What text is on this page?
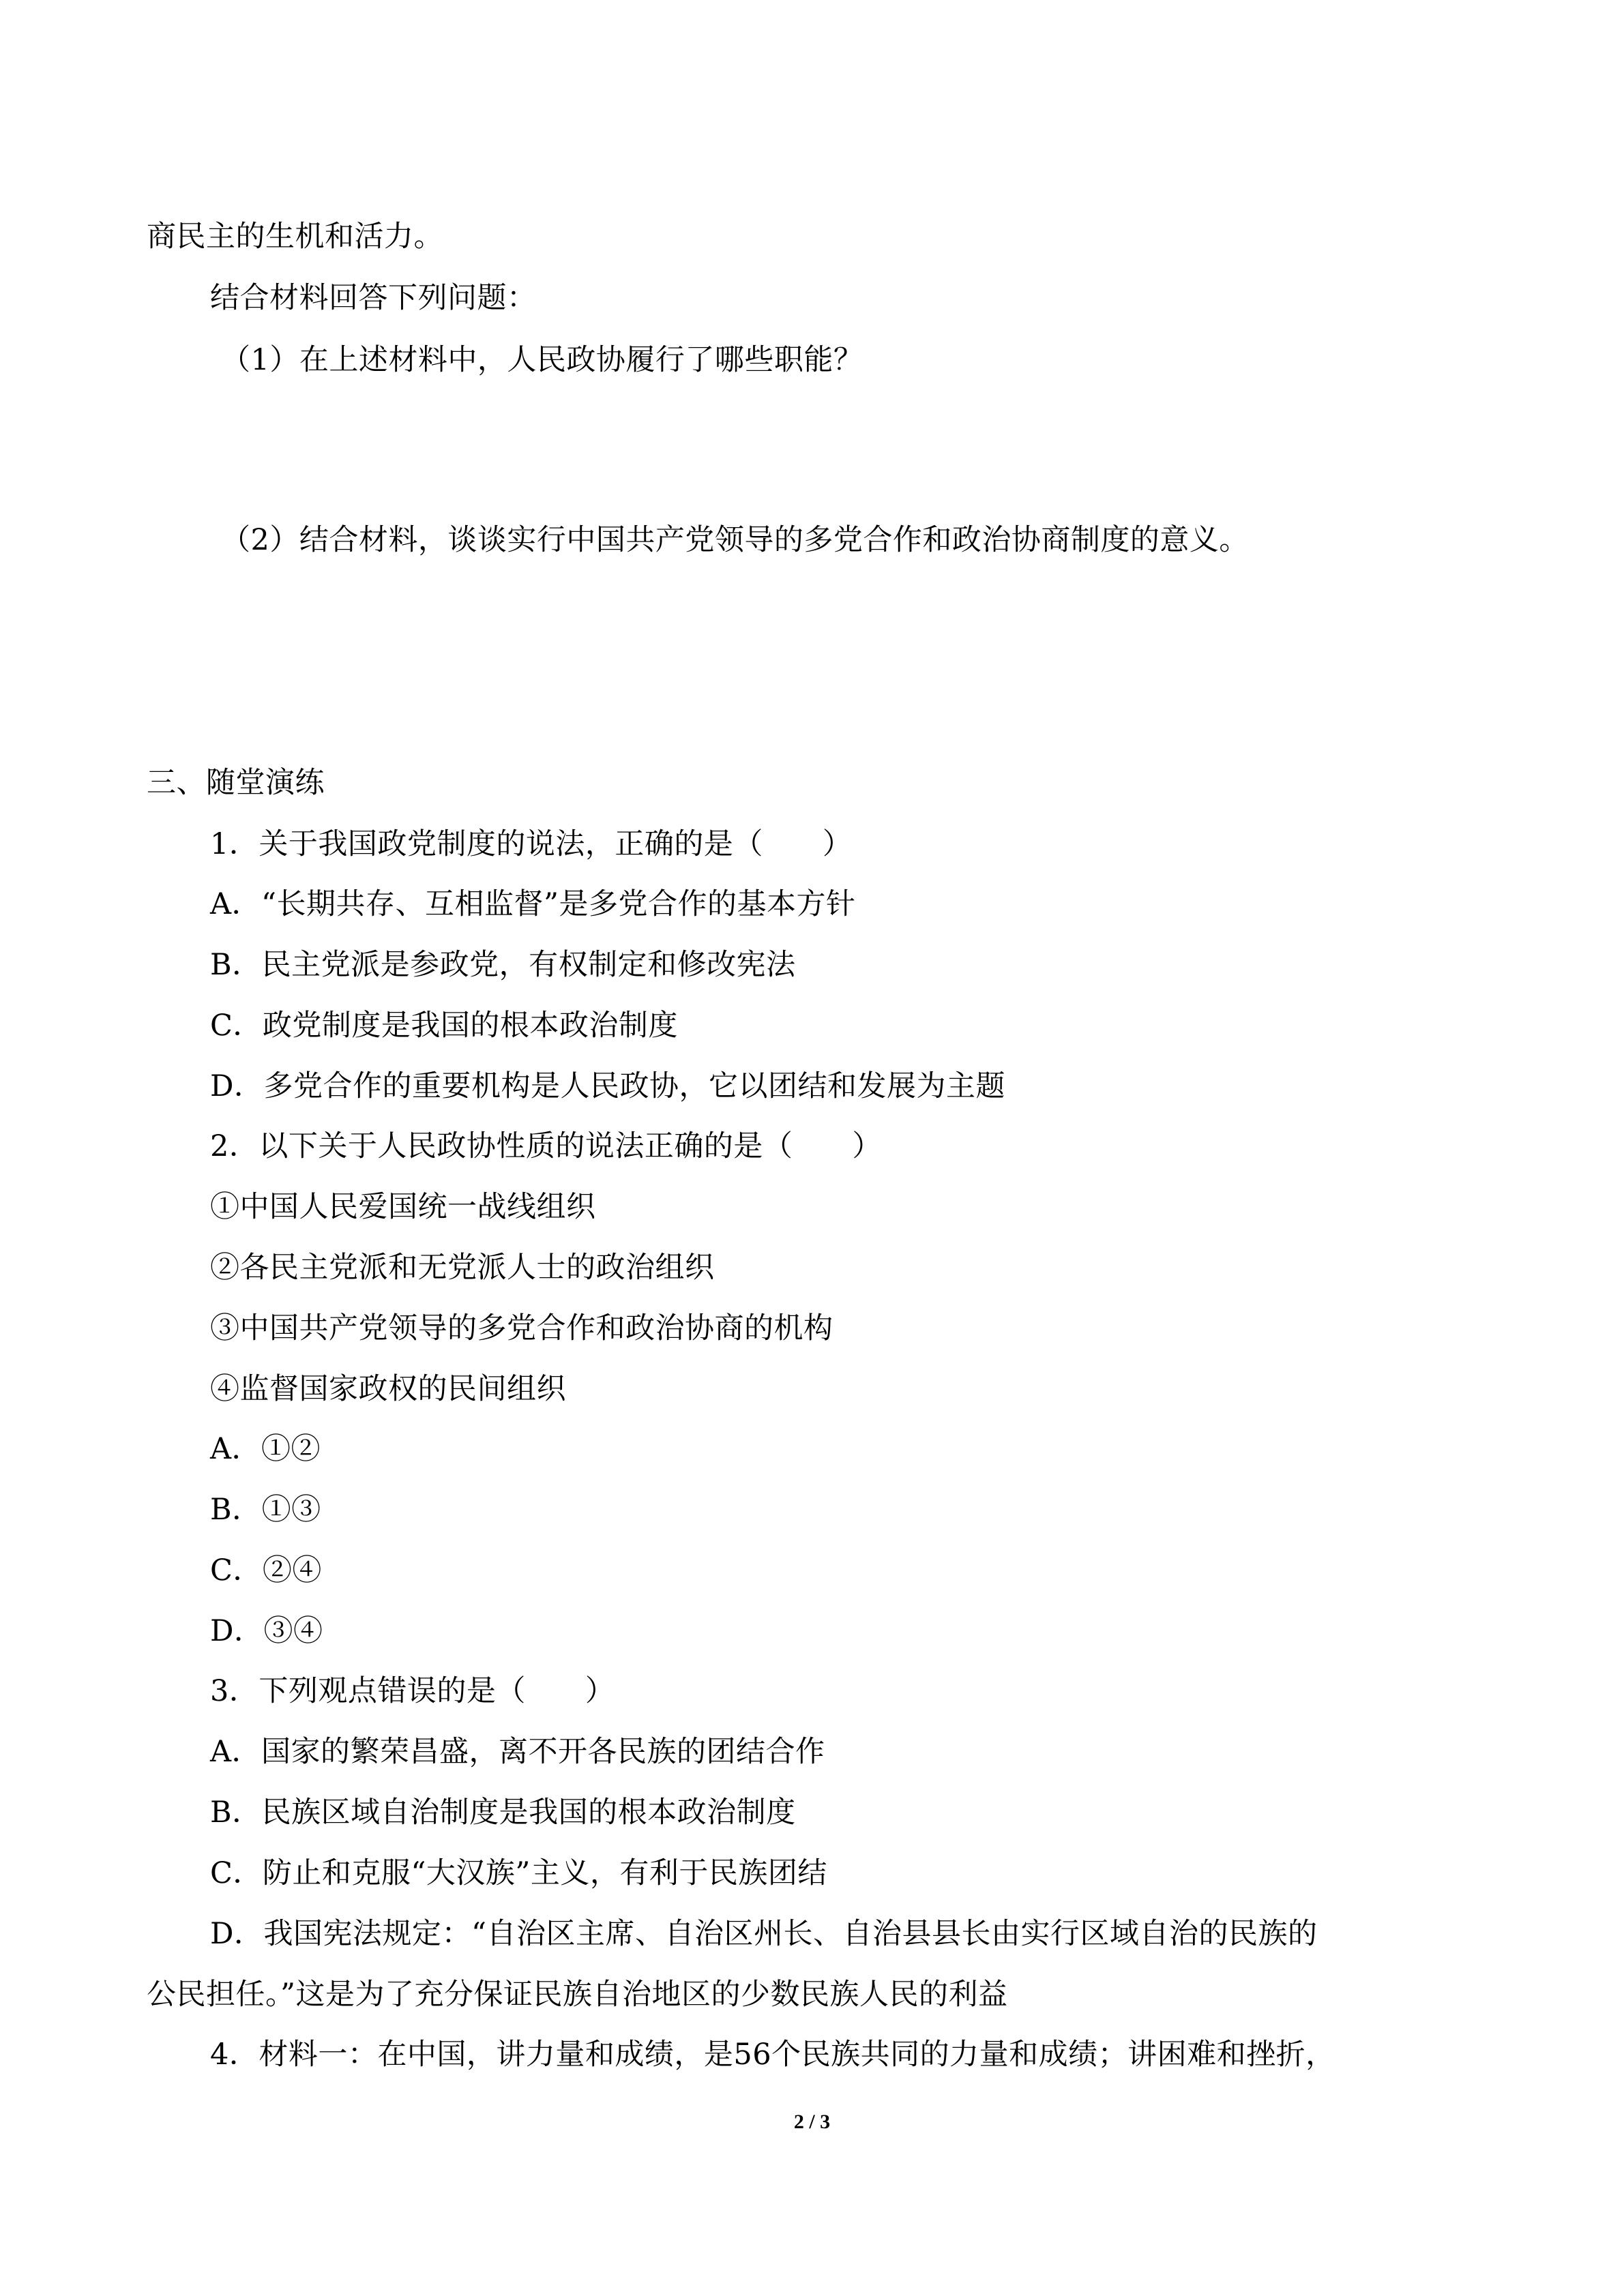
商民主的生机和活力。
结合材料回答下列问题：
（1）在上述材料中，人民政协履行了哪些职能？
（2）结合材料，谈谈实行中国共产党领导的多党合作和政治协商制度的意义。
三、随堂演练
1．关于我国政党制度的说法，正确的是（　　）
A．“长期共存、互相监督”是多党合作的基本方针
B．民主党派是参政党，有权制定和修改宪法
C．政党制度是我国的根本政治制度
D．多党合作的重要机构是人民政协，它以团结和发展为主题
2．以下关于人民政协性质的说法正确的是（　　）
①中国人民爱国统一战线组织
②各民主党派和无党派人士的政治组织
③中国共产党领导的多党合作和政治协商的机构
④监督国家政权的民间组织
A．①②
B．①③
C．②④
D．③④
3．下列观点错误的是（　　）
A．国家的繁荣昌盛，离不开各民族的团结合作
B．民族区域自治制度是我国的根本政治制度
C．防止和克服“大汉族”主义，有利于民族团结
D．我国宪法规定：“自治区主席、自治区州长、自治县县长由实行区域自治的民族的
公民担任。”这是为了充分保证民族自治地区的少数民族人民的利益
4．材料一：在中国，讲力量和成绩，是56个民族共同的力量和成绩；讲困难和挫折，
2 / 3
